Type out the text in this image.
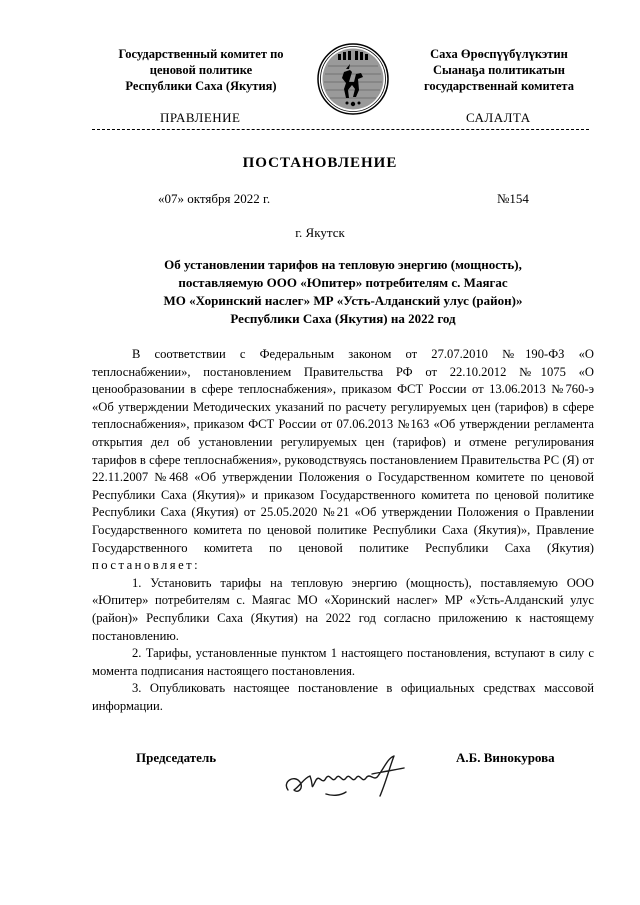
Государственный комитет по
ценовой политике
Республики Саха (Якутия)
Саха Өрөспүүбүлүкэтин
Сыанаҕа политикатын
государственнай комитета
ПРАВЛЕНИЕ	САЛАЛТА
ПОСТАНОВЛЕНИЕ
«07» октября 2022 г.	№154
г. Якутск
Об установлении тарифов на тепловую энергию (мощность),
поставляемую ООО «Юпитер» потребителям с. Маягас
МО «Хоринский наслег» МР «Усть-Алданский улус (район)»
Республики Саха (Якутия) на 2022 год

В соответствии с Федеральным законом от 27.07.2010 №190-ФЗ «О теплоснабжении», постановлением Правительства РФ от 22.10.2012 №1075 «О ценообразовании в сфере теплоснабжения», приказом ФСТ России от 13.06.2013 №760-э «Об утверждении Методических указаний по расчету регулируемых цен (тарифов) в сфере теплоснабжения», приказом ФСТ России от 07.06.2013 №163 «Об утверждении регламента открытия дел об установлении регулируемых цен (тарифов) и отмене регулирования тарифов в сфере теплоснабжения», руководствуясь постановлением Правительства РС (Я) от 22.11.2007 №468 «Об утверждении Положения о Государственном комитете по ценовой Республики Саха (Якутия)» и приказом Государственного комитета по ценовой политике Республики Саха (Якутия) от 25.05.2020 №21 «Об утверждении Положения о Правлении Государственного комитета по ценовой политике Республики Саха (Якутия)», Правление Государственного комитета по ценовой политике Республики Саха (Якутия) постановляет:

1. Установить тарифы на тепловую энергию (мощность), поставляемую ООО «Юпитер» потребителям с. Маягас МО «Хоринский наслег» МР «Усть-Алданский улус (район)» Республики Саха (Якутия) на 2022 год согласно приложению к настоящему постановлению.

2. Тарифы, установленные пунктом 1 настоящего постановления, вступают в силу с момента подписания настоящего постановления.

3. Опубликовать настоящее постановление в официальных средствах массовой информации.

Председатель	А.Б. Винокурова
